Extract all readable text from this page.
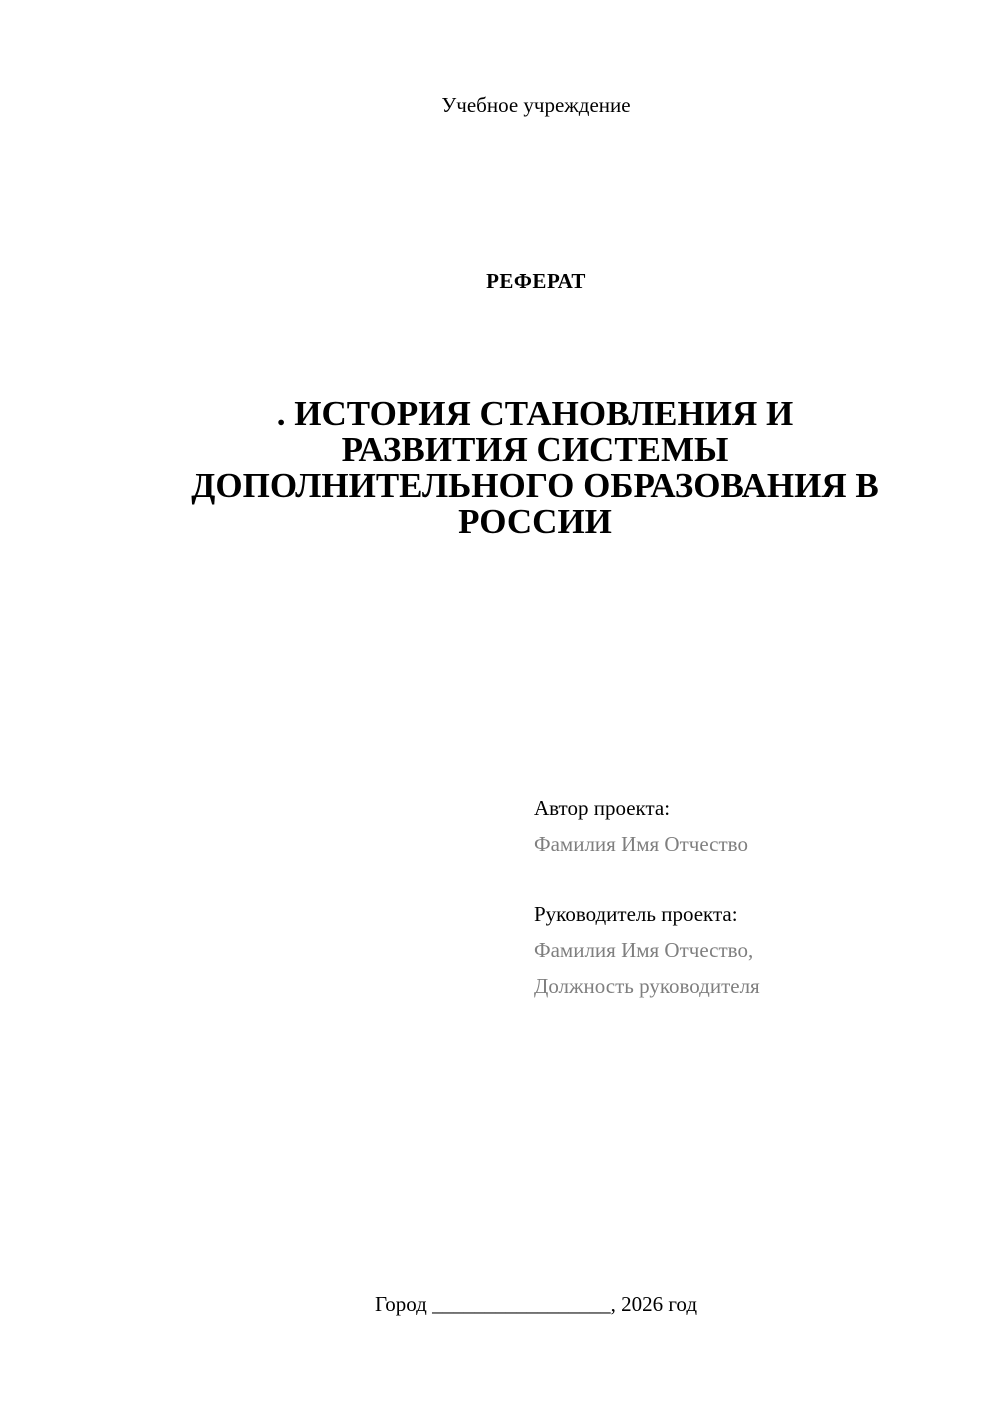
Учебное учреждение
РЕФЕРАТ
. ИСТОРИЯ СТАНОВЛЕНИЯ И
РАЗВИТИЯ СИСТЕМЫ
ДОПОЛНИТЕЛЬНОГО ОБРАЗОВАНИЯ В
РОССИИ
Автор проекта:
Фамилия Имя Отчество
Руководитель проекта:
Фамилия Имя Отчество,
Должность руководителя
Город _________________, 2026 год
